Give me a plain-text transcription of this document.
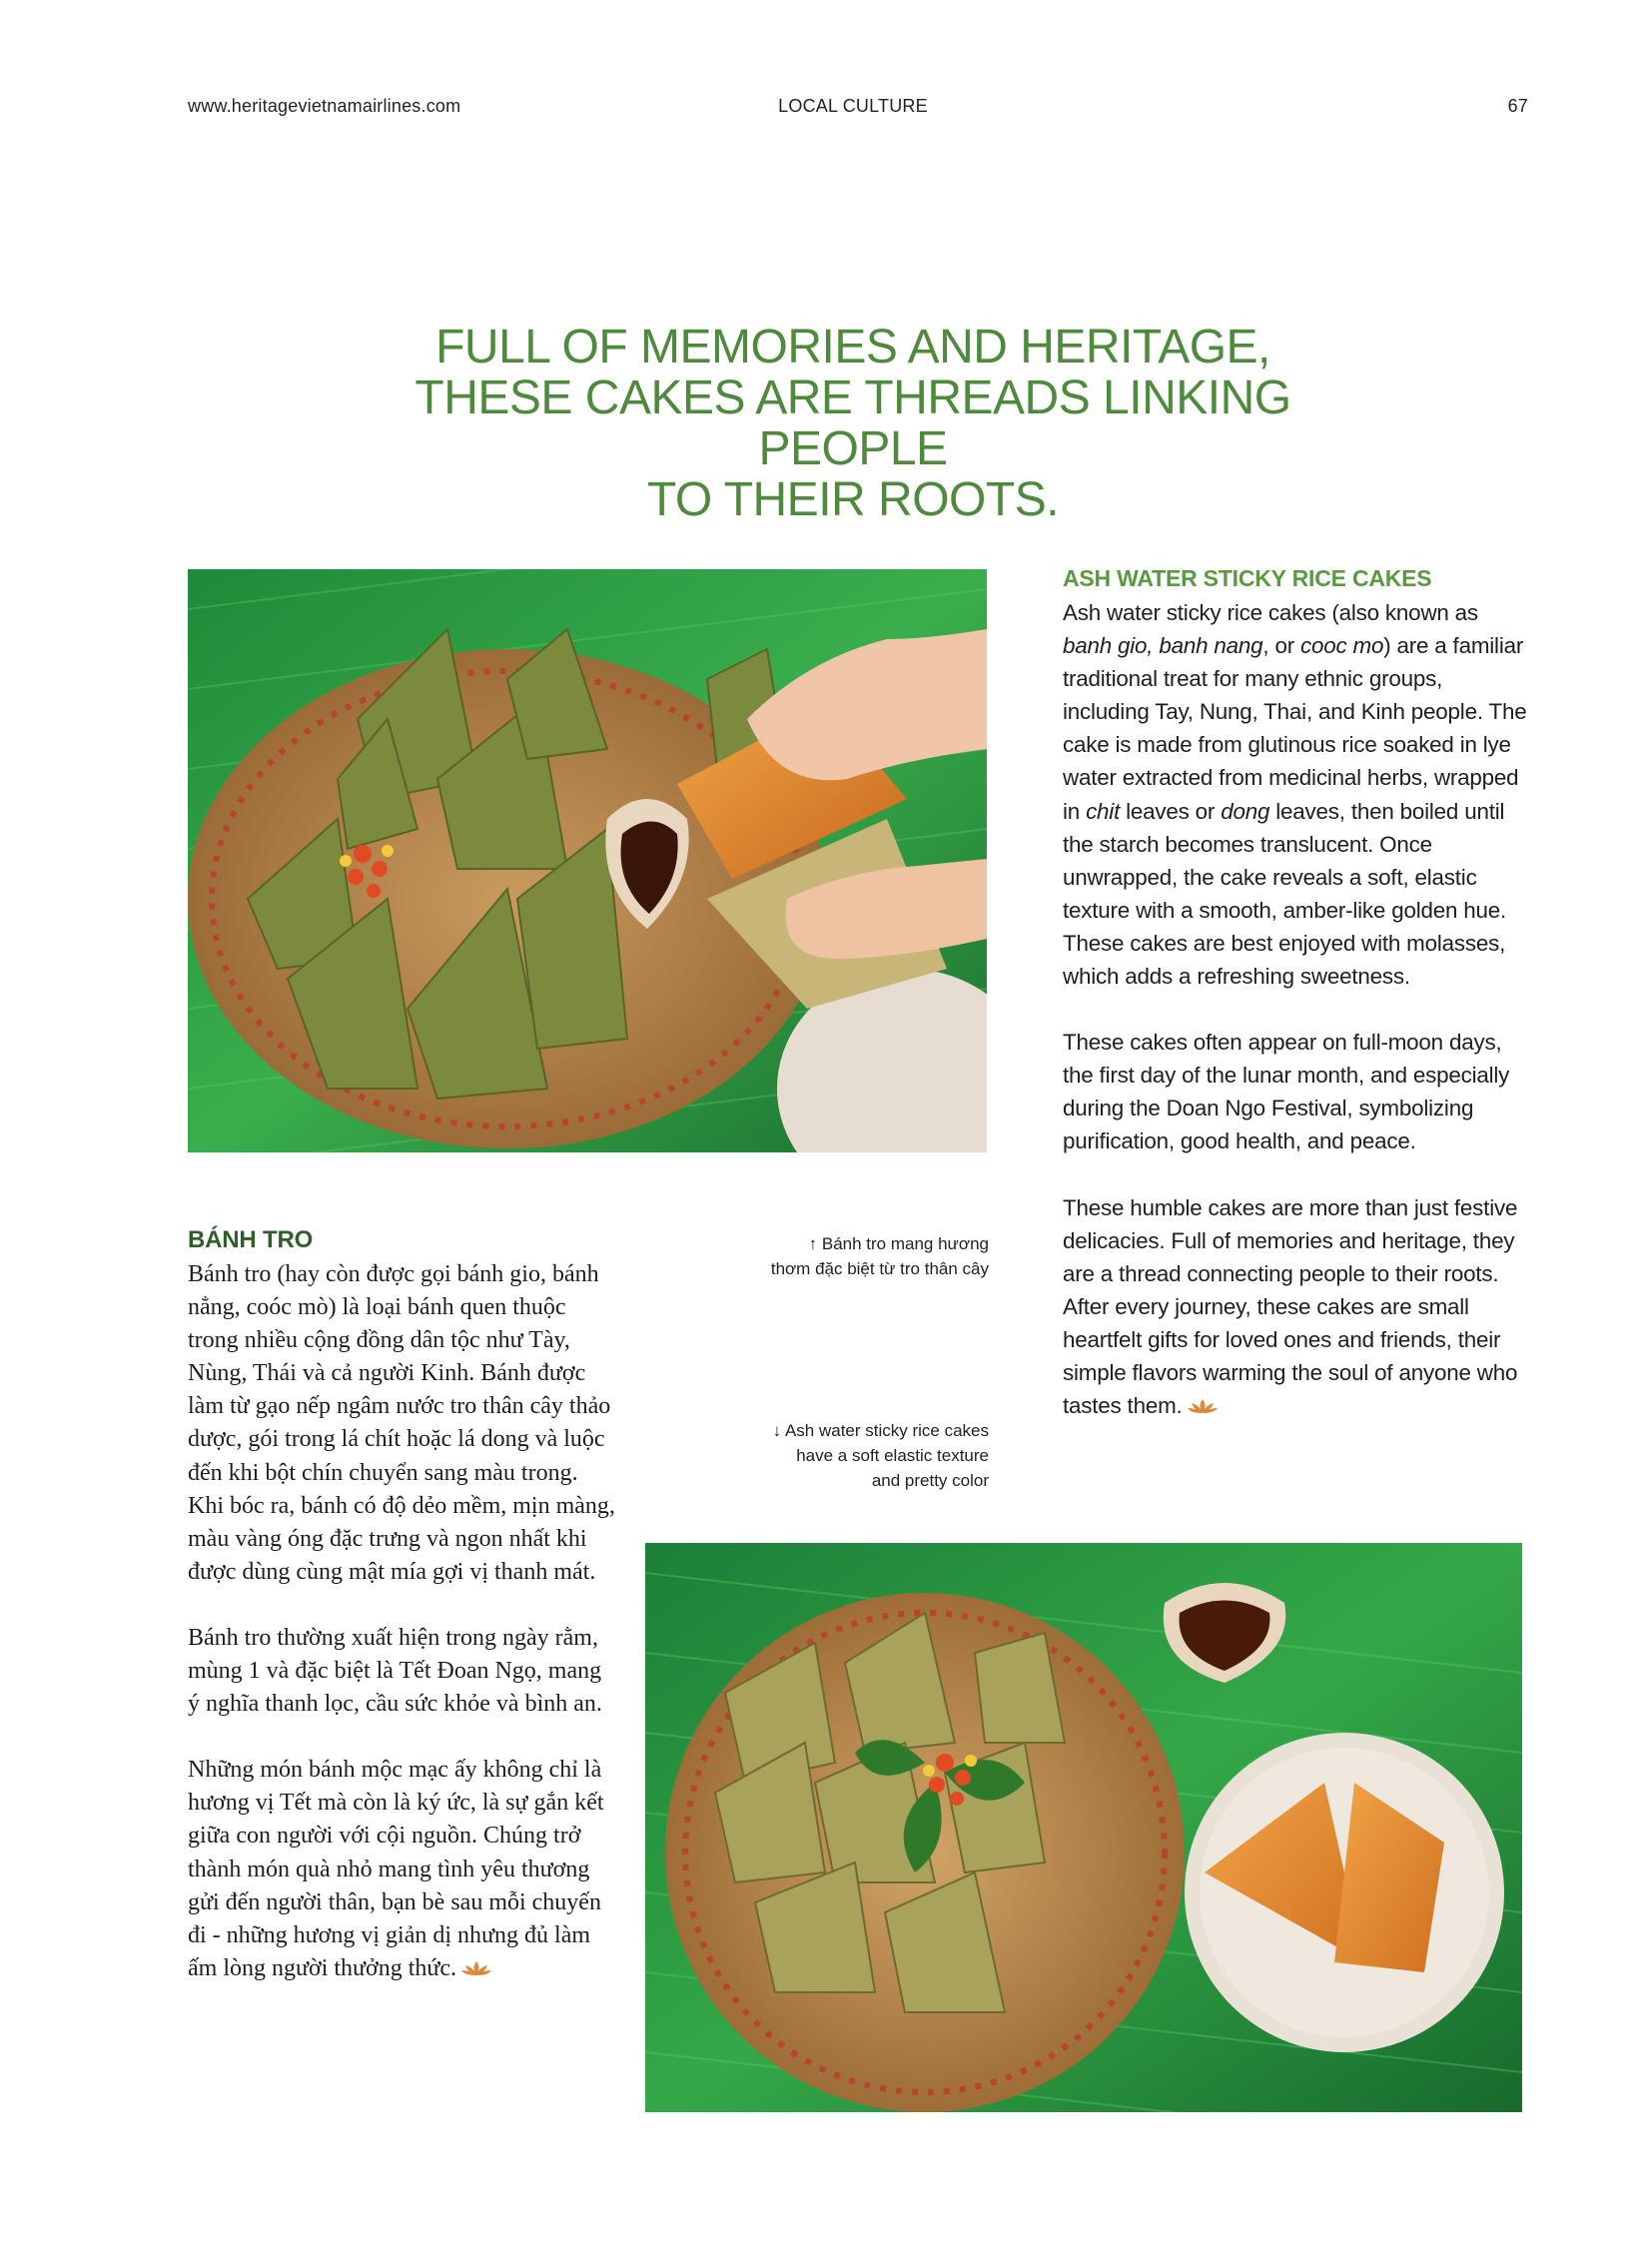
www.heritagevietnamairlines.com	LOCAL CULTURE	67
FULL OF MEMORIES AND HERITAGE,
THESE CAKES ARE THREADS LINKING PEOPLE
TO THEIR ROOTS.
ASH WATER STICKY RICE CAKES

Ash water sticky rice cakes (also known as banh gio, banh nang, or cooc mo) are a familiar traditional treat for many ethnic groups, including Tay, Nung, Thai, and Kinh people. The cake is made from glutinous rice soaked in lye water extracted from medicinal herbs, wrapped in chit leaves or dong leaves, then boiled until the starch becomes translucent. Once unwrapped, the cake reveals a soft, elastic texture with a smooth, amber-like golden hue. These cakes are best enjoyed with molasses, which adds a refreshing sweetness.

These cakes often appear on full-moon days, the first day of the lunar month, and especially during the Doan Ngo Festival, symbolizing purification, good health, and peace.

These humble cakes are more than just festive delicacies. Full of memories and heritage, they are a thread connecting people to their roots. After every journey, these cakes are small heartfelt gifts for loved ones and friends, their simple flavors warming the soul of anyone who tastes them.

BÁNH TRO

Bánh tro (hay còn được gọi bánh gio, bánh nẳng, coóc mò) là loại bánh quen thuộc trong nhiều cộng đồng dân tộc như Tày, Nùng, Thái và cả người Kinh. Bánh được làm từ gạo nếp ngâm nước tro thân cây thảo dược, gói trong lá chít hoặc lá dong và luộc đến khi bột chín chuyển sang màu trong. Khi bóc ra, bánh có độ dẻo mềm, mịn màng, màu vàng óng đặc trưng và ngon nhất khi được dùng cùng mật mía gợi vị thanh mát.

Bánh tro thường xuất hiện trong ngày rằm, mùng 1 và đặc biệt là Tết Đoan Ngọ, mang ý nghĩa thanh lọc, cầu sức khỏe và bình an.

Những món bánh mộc mạc ấy không chỉ là hương vị Tết mà còn là ký ức, là sự gắn kết giữa con người với cội nguồn. Chúng trở thành món quà nhỏ mang tình yêu thương gửi đến người thân, bạn bè sau mỗi chuyến đi - những hương vị giản dị nhưng đủ làm ấm lòng người thưởng thức.

↑ Bánh tro mang hương thơm đặc biệt từ tro thân cây
↓ Ash water sticky rice cakes have a soft elastic texture and pretty color
